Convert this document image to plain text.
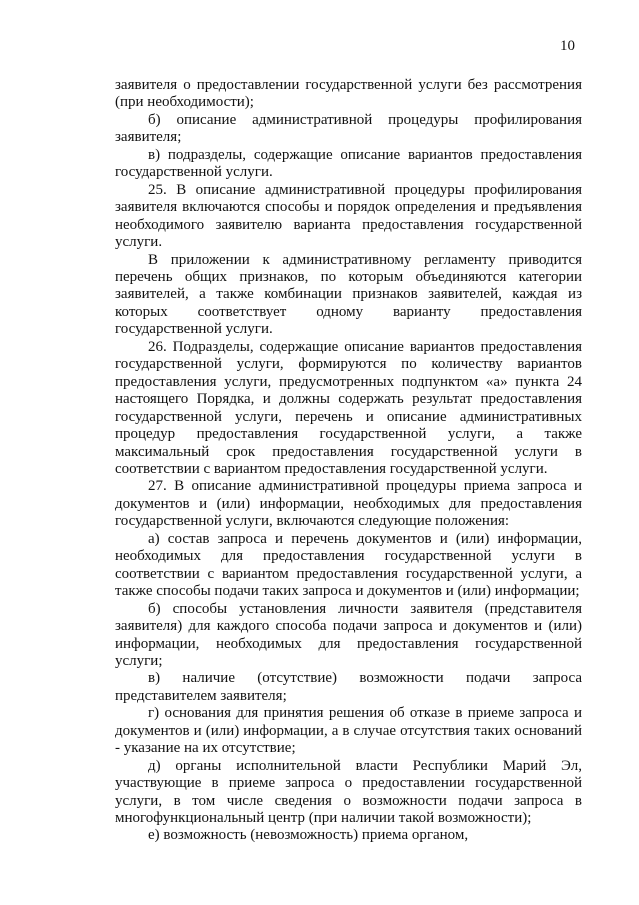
10

заявителя о предоставлении государственной услуги без рассмотрения (при необходимости);

б) описание административной процедуры профилирования заявителя;

в) подразделы, содержащие описание вариантов предоставления государственной услуги.

25. В описание административной процедуры профилирования заявителя включаются способы и порядок определения и предъявления необходимого заявителю варианта предоставления государственной услуги.

В приложении к административному регламенту приводится перечень общих признаков, по которым объединяются категории заявителей, а также комбинации признаков заявителей, каждая из которых соответствует одному варианту предоставления государственной услуги.

26. Подразделы, содержащие описание вариантов предоставления государственной услуги, формируются по количеству вариантов предоставления услуги, предусмотренных подпунктом «а» пункта 24 настоящего Порядка, и должны содержать результат предоставления государственной услуги, перечень и описание административных процедур предоставления государственной услуги, а также максимальный срок предоставления государственной услуги в соответствии с вариантом предоставления государственной услуги.

27. В описание административной процедуры приема запроса и документов и (или) информации, необходимых для предоставления государственной услуги, включаются следующие положения:

а) состав запроса и перечень документов и (или) информации, необходимых для предоставления государственной услуги в соответствии с вариантом предоставления государственной услуги, а также способы подачи таких запроса и документов и (или) информации;

б) способы установления личности заявителя (представителя заявителя) для каждого способа подачи запроса и документов и (или) информации, необходимых для предоставления государственной услуги;

в) наличие (отсутствие) возможности подачи запроса представителем заявителя;

г) основания для принятия решения об отказе в приеме запроса и документов и (или) информации, а в случае отсутствия таких оснований - указание на их отсутствие;

д) органы исполнительной власти Республики Марий Эл, участвующие в приеме запроса о предоставлении государственной услуги, в том числе сведения о возможности подачи запроса в многофункциональный центр (при наличии такой возможности);

е) возможность (невозможность) приема органом,
